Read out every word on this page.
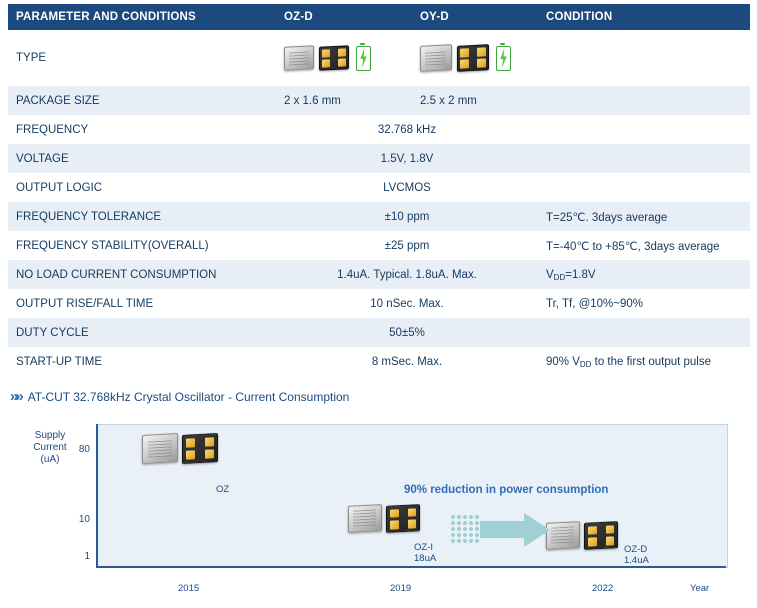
PARAMETER AND CONDITIONS	OZ-D	OY-D	CONDITION
TYPE	

PACKAGE SIZE	2 x 1.6 mm	2.5 x 2 mm	
FREQUENCY	32.768 kHz		
VOLTAGE	1.5V, 1.8V		
OUTPUT LOGIC	LVCMOS		
FREQUENCY TOLERANCE	±10 ppm		T=25℃. 3days average
FREQUENCY STABILITY(OVERALL)	±25 ppm		T=-40℃ to +85℃, 3days average
NO LOAD CURRENT CONSUMPTION	1.4uA. Typical. 1.8uA. Max.		$V_{DD}=1.8V$
OUTPUT RISE/FALL TIME	10 nSec. Max.		Tr, Tf, @10%~90%
DUTY CYCLE	50±5%		
START-UP TIME	8 mSec. Max.		90% $V_{DD}$ to the first output pulse
»» AT-CUT 32.768kHz Crystal Oscillator - Current Consumption
Supply
Current
(uA)
80
10
1
2015	2019	2022	Year
OZ
OZ-I
18uA
OZ-D
1.4uA
90% reduction in power consumption
